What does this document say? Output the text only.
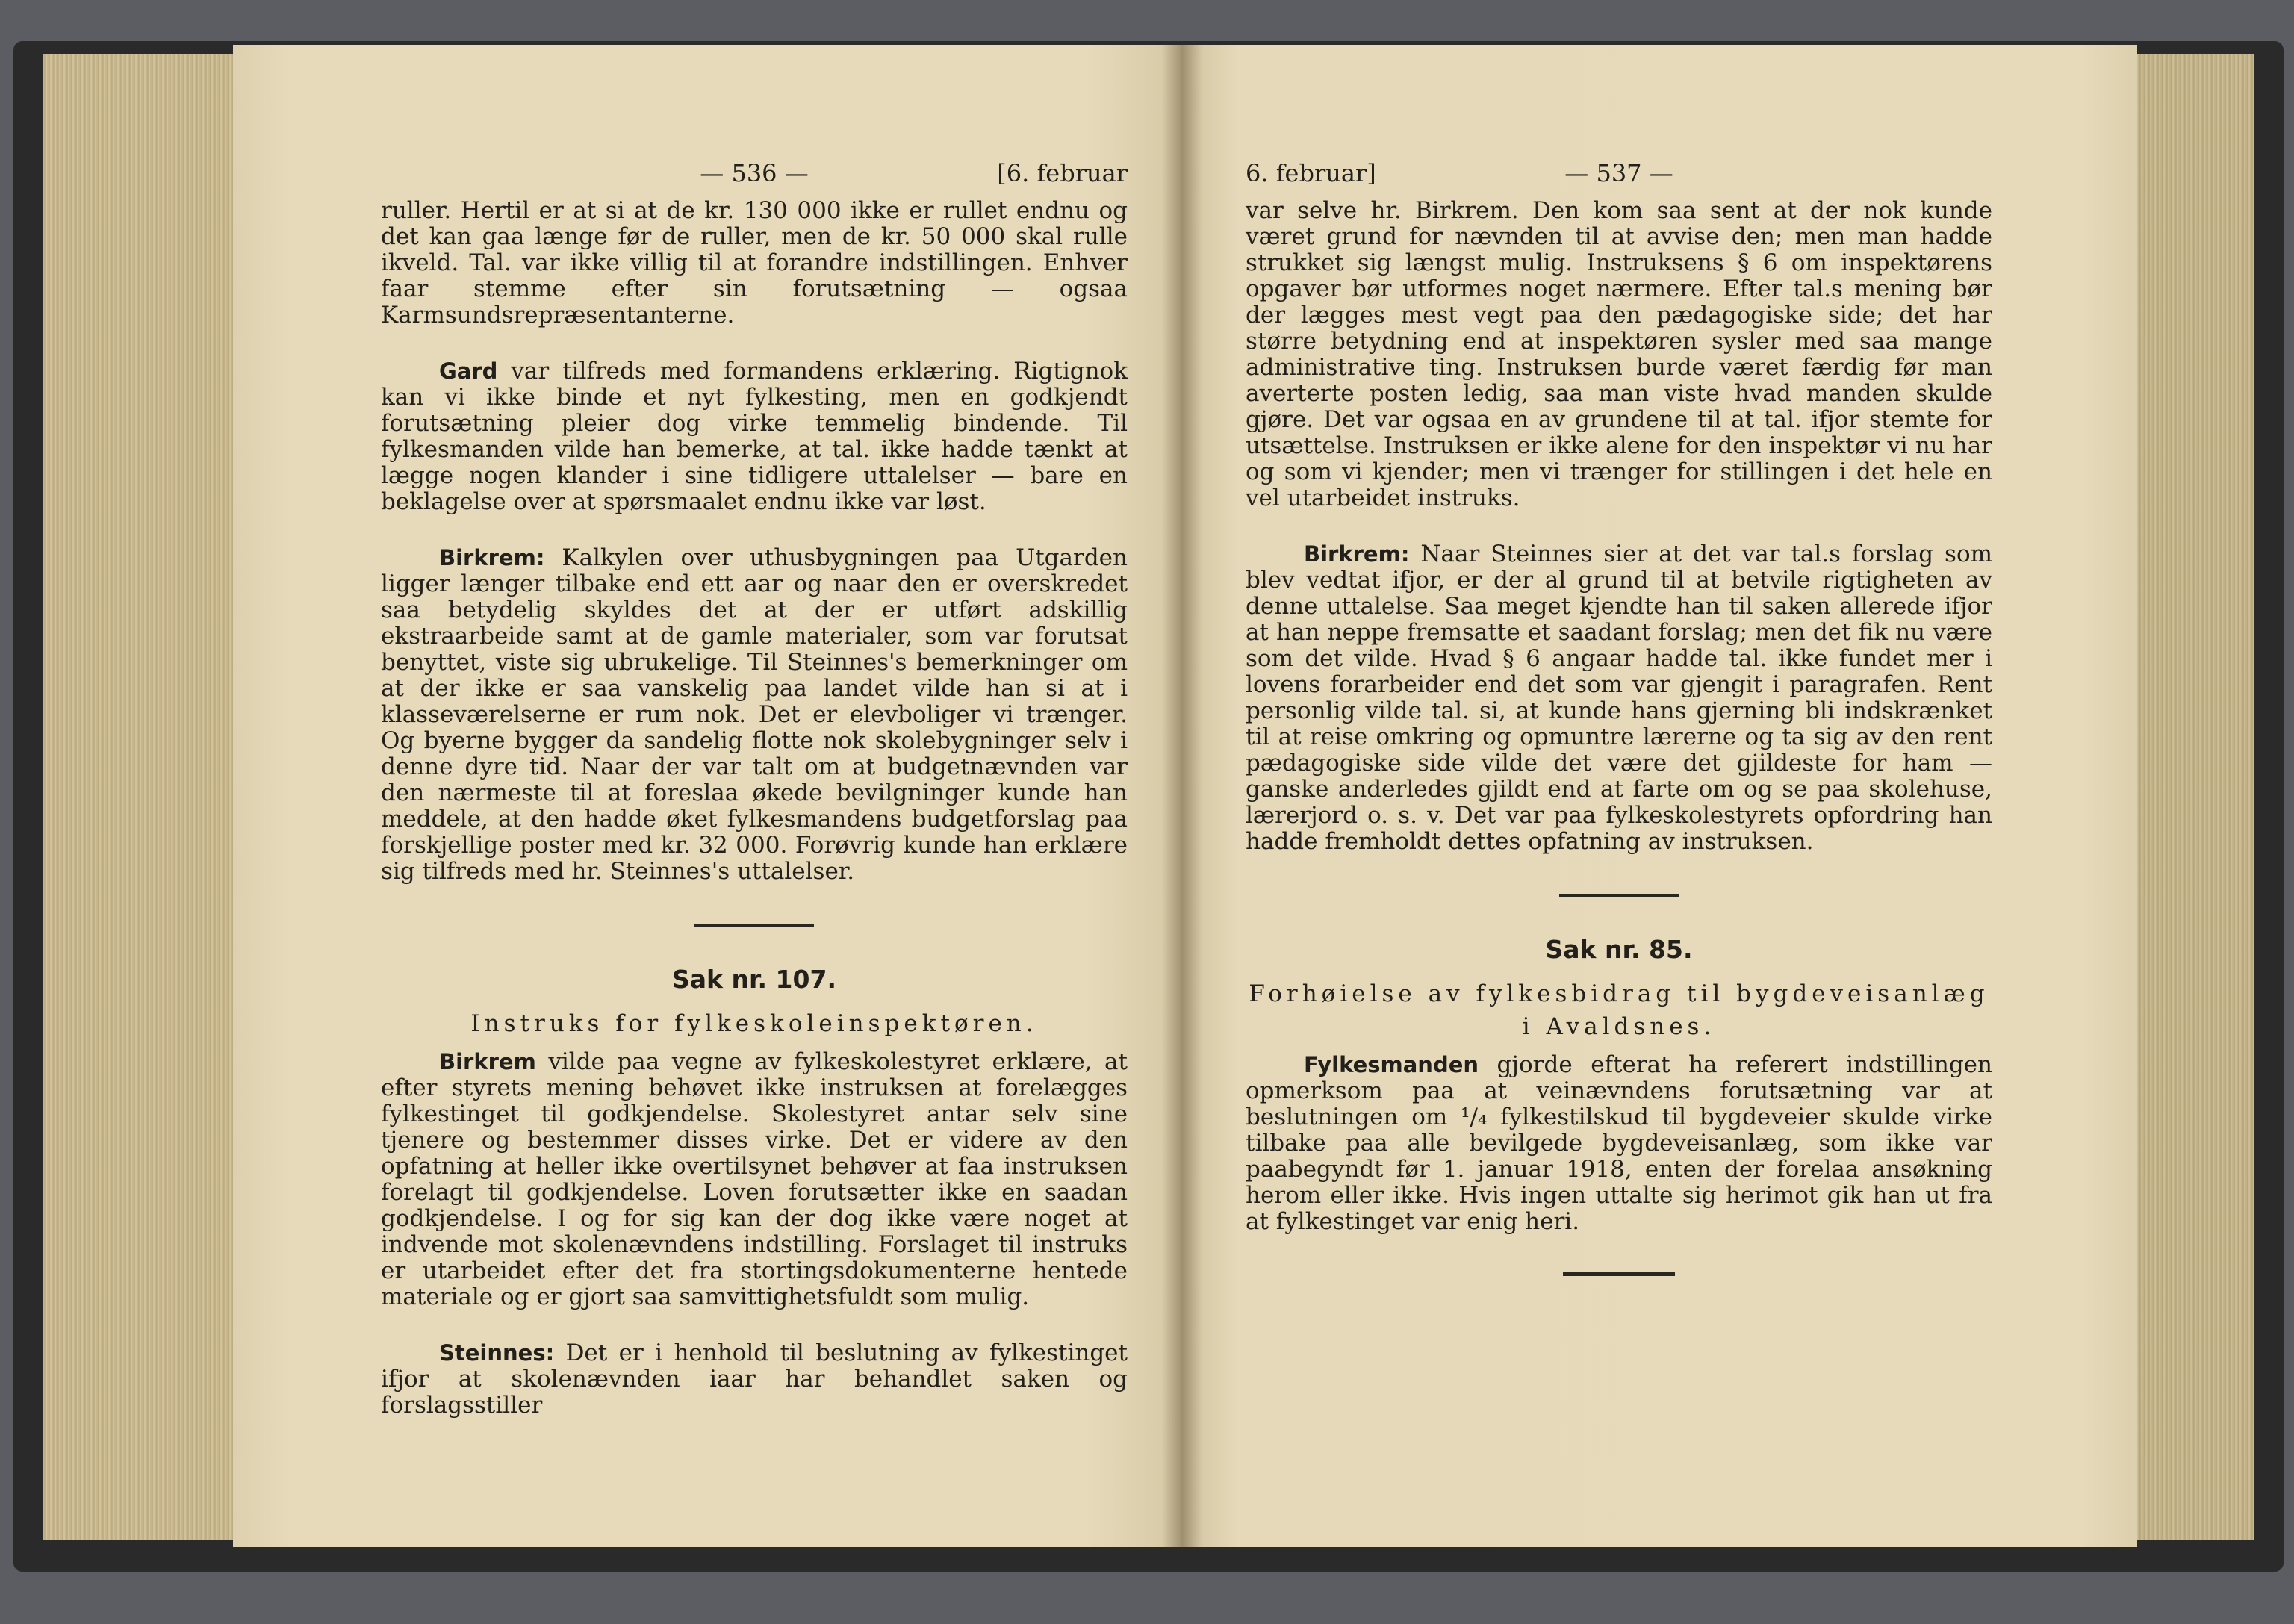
— 536 —	[6. februar

ruller. Hertil er at si at de kr. 130 000 ikke er rullet endnu og det kan gaa længe før de ruller, men de kr. 50 000 skal rulle ikveld. Tal. var ikke villig til at forandre indstillingen. Enhver faar stemme efter sin forutsætning — ogsaa Karmsundsrepræsentanterne.

Gard var tilfreds med formandens erklæring. Rigtignok kan vi ikke binde et nyt fylkesting, men en godkjendt forutsætning pleier dog virke temmelig bindende. Til fylkesmanden vilde han bemerke, at tal. ikke hadde tænkt at lægge nogen klander i sine tidligere uttalelser — bare en beklagelse over at spørsmaalet endnu ikke var løst.

Birkrem: Kalkylen over uthusbygningen paa Utgarden ligger længer tilbake end ett aar og naar den er overskredet saa betydelig skyldes det at der er utført adskillig ekstraarbeide samt at de gamle materialer, som var forutsat benyttet, viste sig ubrukelige. Til Steinnes's bemerkninger om at der ikke er saa vanskelig paa landet vilde han si at i klasseværelserne er rum nok. Det er elevboliger vi trænger. Og byerne bygger da sandelig flotte nok skolebygninger selv i denne dyre tid. Naar der var talt om at budgetnævnden var den nærmeste til at foreslaa økede bevilgninger kunde han meddele, at den hadde øket fylkesmandens budgetforslag paa forskjellige poster med kr. 32 000. Forøvrig kunde han erklære sig tilfreds med hr. Steinnes's uttalelser.

Sak nr. 107.
Instruks for fylkeskoleinspektøren.

Birkrem vilde paa vegne av fylkeskolestyret erklære, at efter styrets mening behøvet ikke instruksen at forelægges fylkestinget til godkjendelse. Skolestyret antar selv sine tjenere og bestemmer disses virke. Det er videre av den opfatning at heller ikke overtilsynet behøver at faa instruksen forelagt til godkjendelse. Loven forutsætter ikke en saadan godkjendelse. I og for sig kan der dog ikke være noget at indvende mot skolenævndens indstilling. Forslaget til instruks er utarbeidet efter det fra stortingsdokumenterne hentede materiale og er gjort saa samvittighetsfuldt som mulig.

Steinnes: Det er i henhold til beslutning av fylkestinget ifjor at skolenævnden iaar har behandlet saken og forslagsstiller

6. februar]	— 537 —

var selve hr. Birkrem. Den kom saa sent at der nok kunde været grund for nævnden til at avvise den; men man hadde strukket sig længst mulig. Instruksens § 6 om inspektørens opgaver bør utformes noget nærmere. Efter tal.s mening bør der lægges mest vegt paa den pædagogiske side; det har større betydning end at inspektøren sysler med saa mange administrative ting. Instruksen burde været færdig før man averterte posten ledig, saa man viste hvad manden skulde gjøre. Det var ogsaa en av grundene til at tal. ifjor stemte for utsættelse. Instruksen er ikke alene for den inspektør vi nu har og som vi kjender; men vi trænger for stillingen i det hele en vel utarbeidet instruks.

Birkrem: Naar Steinnes sier at det var tal.s forslag som blev vedtat ifjor, er der al grund til at betvile rigtigheten av denne uttalelse. Saa meget kjendte han til saken allerede ifjor at han neppe fremsatte et saadant forslag; men det fik nu være som det vilde. Hvad § 6 angaar hadde tal. ikke fundet mer i lovens forarbeider end det som var gjengit i paragrafen. Rent personlig vilde tal. si, at kunde hans gjerning bli indskrænket til at reise omkring og opmuntre lærerne og ta sig av den rent pædagogiske side vilde det være det gjildeste for ham — ganske anderledes gjildt end at farte om og se paa skolehuse, lærerjord o. s. v. Det var paa fylkeskolestyrets opfordring han hadde fremholdt dettes opfatning av instruksen.

Sak nr. 85.
Forhøielse av fylkesbidrag til bygdeveisanlæg
i Avaldsnes.

Fylkesmanden gjorde efterat ha referert indstillingen opmerksom paa at veinævndens forutsætning var at beslutningen om ¹/₄ fylkestilskud til bygdeveier skulde virke tilbake paa alle bevilgede bygdeveisanlæg, som ikke var paabegyndt før 1. januar 1918, enten der forelaa ansøkning herom eller ikke. Hvis ingen uttalte sig herimot gik han ut fra at fylkestinget var enig heri.
